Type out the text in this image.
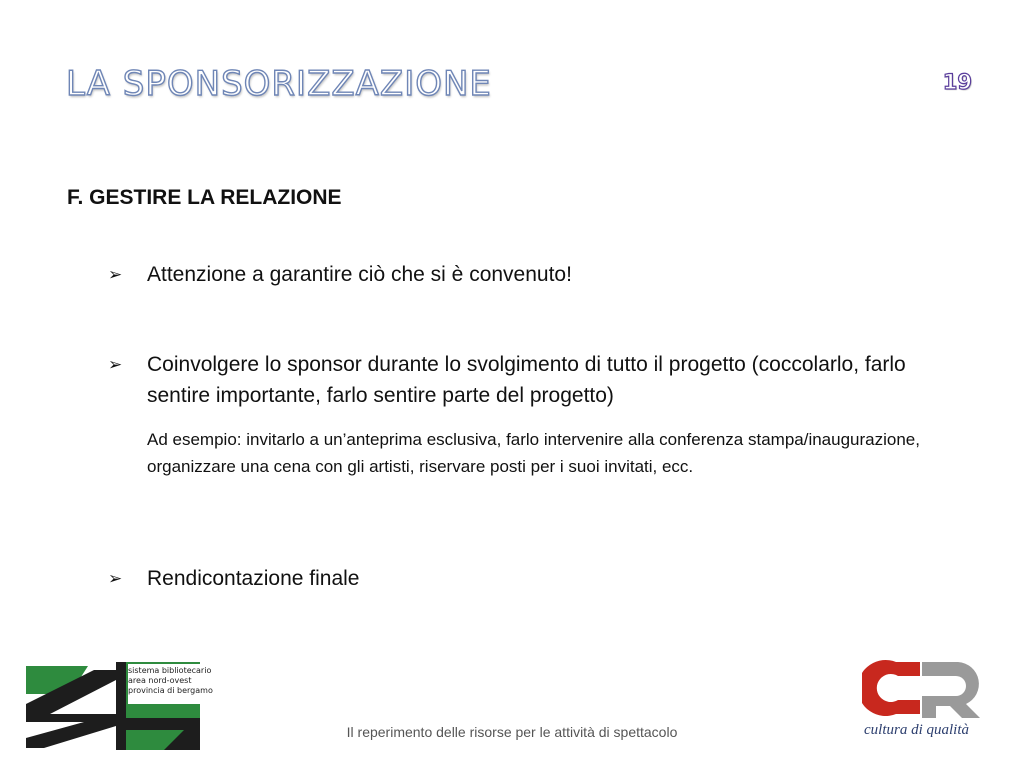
LA SPONSORIZZAZIONE	19
F. GESTIRE LA RELAZIONE
➢	Attenzione a garantire ciò che si è convenuto!
➢	Coinvolgere lo sponsor durante lo svolgimento di tutto il progetto (coccolarlo, farlo sentire importante, farlo sentire parte del progetto)
Ad esempio: invitarlo a un’anteprima esclusiva, farlo intervenire alla conferenza stampa/inaugurazione, organizzare una cena con gli artisti, riservare posti per i suoi invitati, ecc.
➢	Rendicontazione finale
sistema bibliotecario
area nord-ovest
provincia di bergamo
Il reperimento delle risorse per le attività di spettacolo	cultura di qualità
